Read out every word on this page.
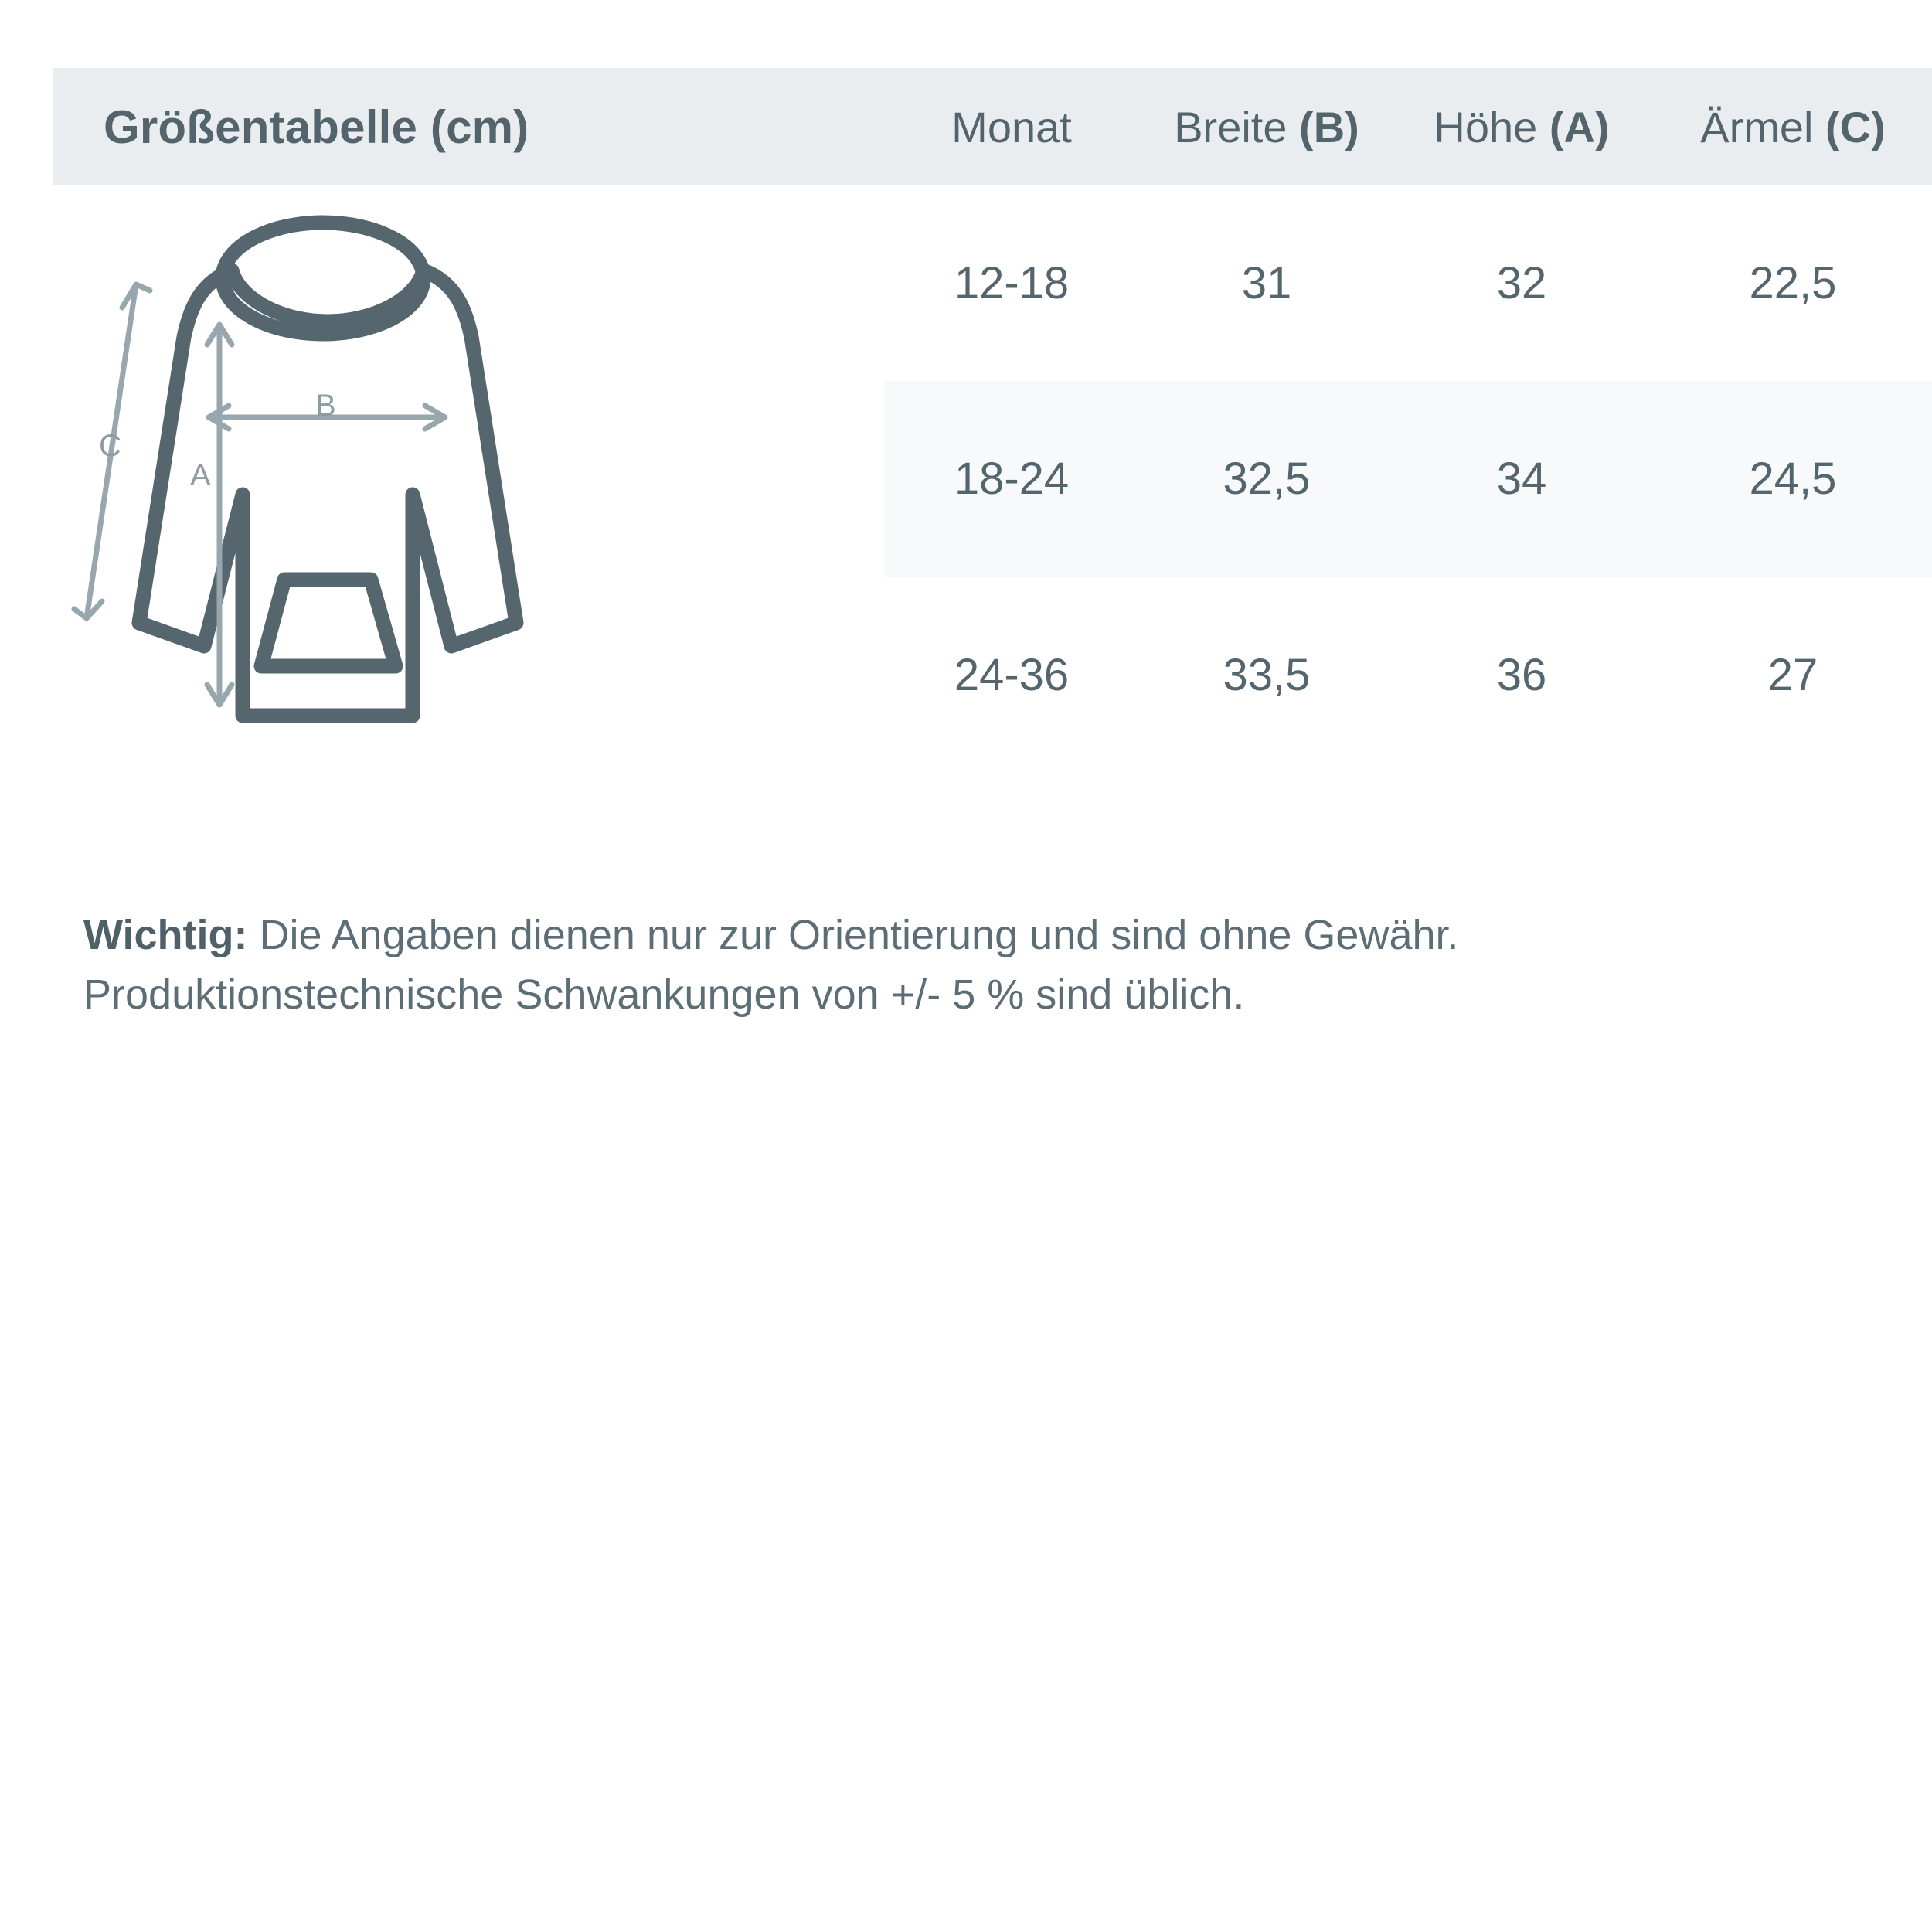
Größentabelle (cm)	Monat	Breite (B)	Höhe (A)	Ärmel (C)

C
A
B	12-18	31	32	22,5
	18-24	32,5	34	24,5
	24-36	33,5	36	27

Wichtig: Die Angaben dienen nur zur Orientierung und sind ohne Gewähr. Produktionstechnische Schwankungen von +/- 5 % sind üblich.
